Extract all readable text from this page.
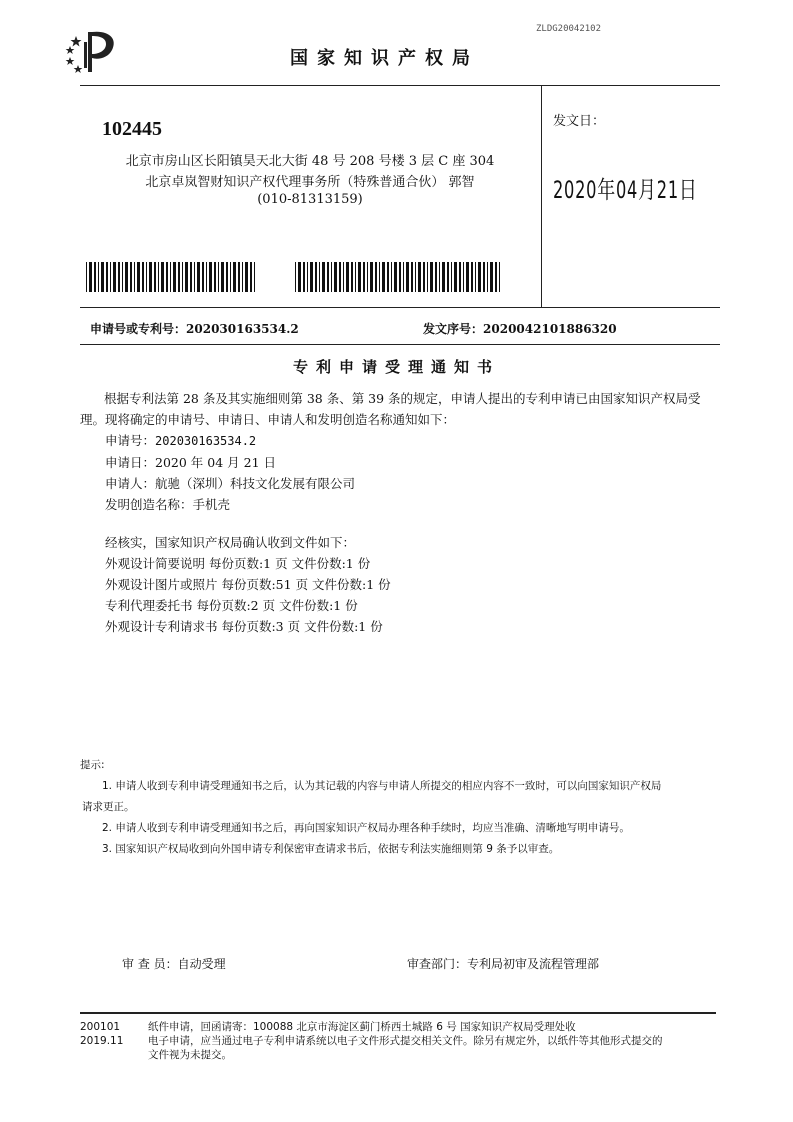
ZLDG20042102
国家知识产权局
102445
北京市房山区长阳镇昊天北大街 48 号 208 号楼 3 层 C 座 304
北京卓岚智财知识产权代理事务所（特殊普通合伙） 郭智
(010-81313159)
发文日：
2020年04月21日
申请号或专利号：202030163534.2	发文序号：2020042101886320
专利申请受理通知书
根据专利法第 28 条及其实施细则第 38 条、第 39 条的规定，申请人提出的专利申请已由国家知识产权局受理。现将确定的申请号、申请日、申请人和发明创造名称通知如下：
申请号：202030163534.2
申请日：2020 年 04 月 21 日
申请人：航驰（深圳）科技文化发展有限公司
发明创造名称：手机壳
经核实，国家知识产权局确认收到文件如下：
外观设计简要说明 每份页数:1 页 文件份数:1 份
外观设计图片或照片 每份页数:51 页 文件份数:1 份
专利代理委托书 每份页数:2 页 文件份数:1 份
外观设计专利请求书 每份页数:3 页 文件份数:1 份
提示:
1. 申请人收到专利申请受理通知书之后，认为其记载的内容与申请人所提交的相应内容不一致时，可以向国家知识产权局
请求更正。
2. 申请人收到专利申请受理通知书之后，再向国家知识产权局办理各种手续时，均应当准确、清晰地写明申请号。
3. 国家知识产权局收到向外国申请专利保密审查请求书后，依据专利法实施细则第 9 条予以审查。
审 查 员：自动受理	审查部门：专利局初审及流程管理部
200101
2019.11
纸件申请，回函请寄：100088 北京市海淀区蓟门桥西土城路 6 号 国家知识产权局受理处收
电子申请，应当通过电子专利申请系统以电子文件形式提交相关文件。除另有规定外，以纸件等其他形式提交的
文件视为未提交。
